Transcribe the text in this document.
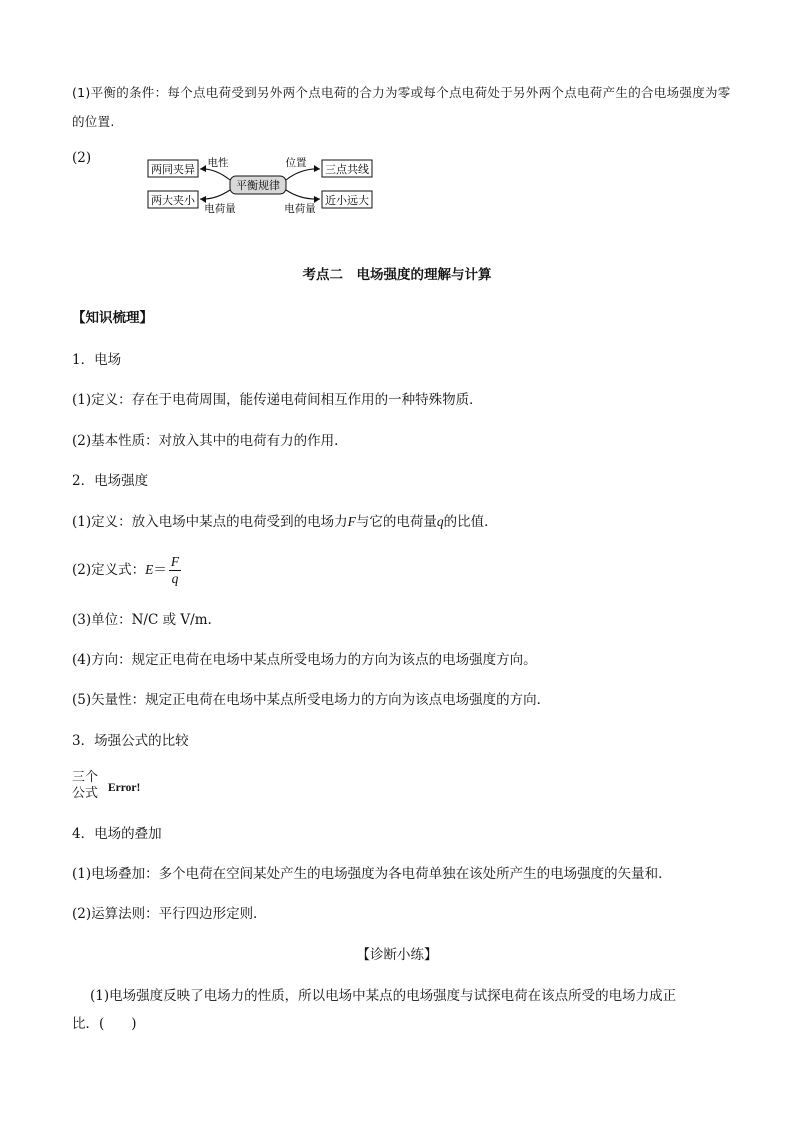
(1)平衡的条件：每个点电荷受到另外两个点电荷的合力为零或每个点电荷处于另外两个点电荷产生的合电场强度为零的位置.
(2)
两同夹异
两大夹小
平衡规律
三点共线
近小远大
电性
电荷量
位置
电荷量
考点二　电场强度的理解与计算
【知识梳理】
1．电场
(1)定义：存在于电荷周围，能传递电荷间相互作用的一种特殊物质．
(2)基本性质：对放入其中的电荷有力的作用.
2．电场强度
(1)定义：放入电场中某点的电荷受到的电场力F与它的电荷量q的比值．
(2)定义式：$E= \frac{F}{q}$
(3)单位：N/C 或 V/m.
(4)方向：规定正电荷在电场中某点所受电场力的方向为该点的电场强度方向。
(5)矢量性：规定正电荷在电场中某点所受电场力的方向为该点电场强度的方向．
3．场强公式的比较
三个
公式 Error!
4．电场的叠加
(1)电场叠加：多个电荷在空间某处产生的电场强度为各电荷单独在该处所产生的电场强度的矢量和．
(2)运算法则：平行四边形定则．
【诊断小练】
(1)电场强度反映了电场力的性质，所以电场中某点的电场强度与试探电荷在该点所受的电场力成正
比．(　　)
